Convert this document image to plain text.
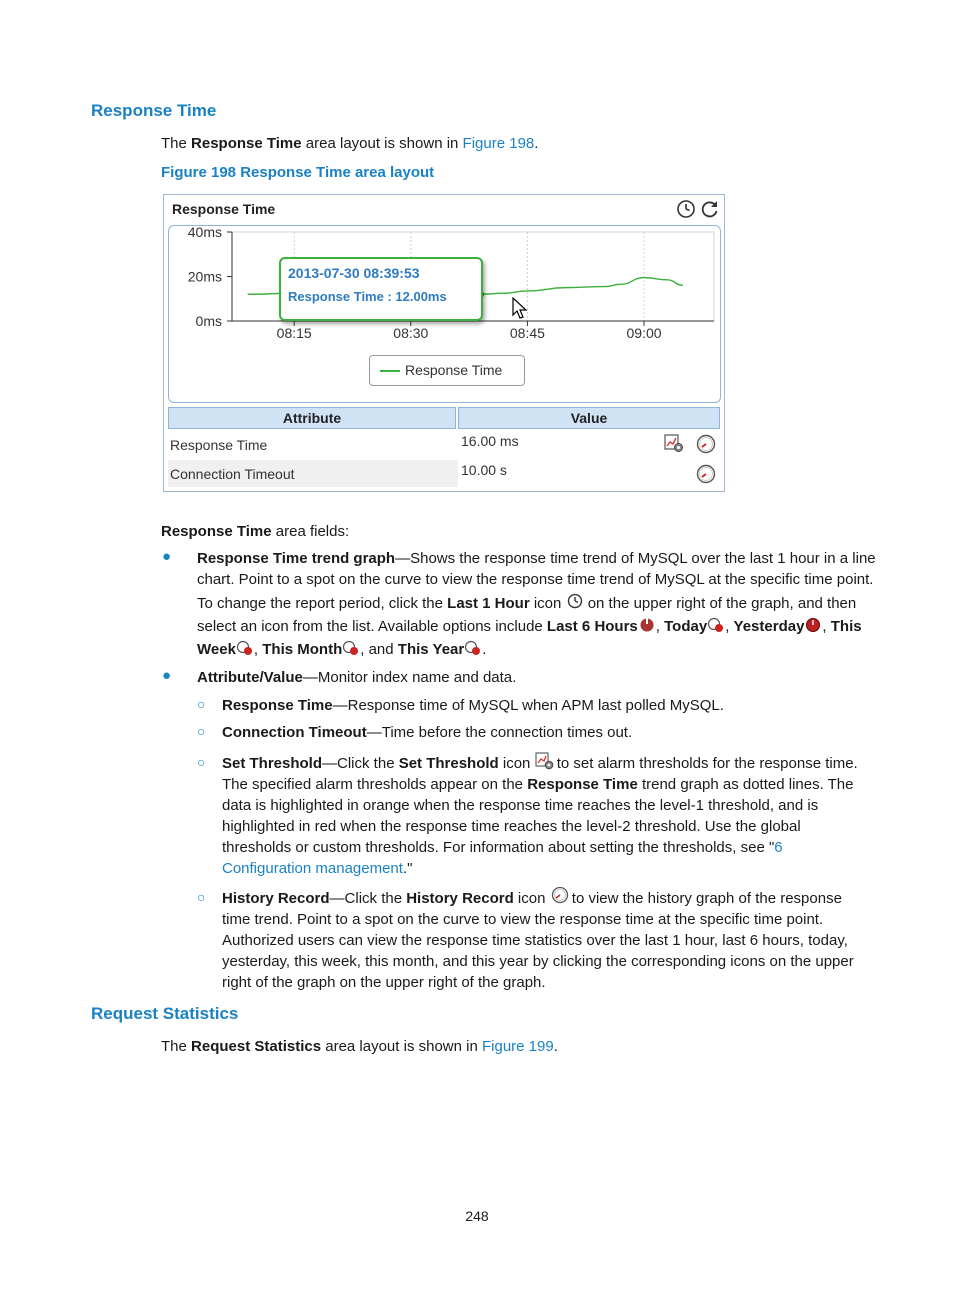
Response Time
The Response Time area layout is shown in Figure 198.
Figure 198 Response Time area layout
Response Time
0ms
20ms
40ms
08:15	08:30	08:45	09:00
2013-07-30 08:39:53
Response Time : 12.00ms
Response Time
Attribute	Value
Response Time	16.00 ms
Connection Timeout	10.00 s
Response Time area fields:
● Response Time trend graph—Shows the response time trend of MySQL over the last 1 hour in a line
chart. Point to a spot on the curve to view the response time trend of MySQL at the specific time point.
To change the report period, click the Last 1 Hour icon  on the upper right of the graph, and then
select an icon from the list. Available options include Last 6 Hours , Today , Yesterday , This
Week , This Month , and This Year .
● Attribute/Value—Monitor index name and data.
○ Response Time—Response time of MySQL when APM last polled MySQL.
○ Connection Timeout—Time before the connection times out.
○ Set Threshold—Click the Set Threshold icon  to set alarm thresholds for the response time.
The specified alarm thresholds appear on the Response Time trend graph as dotted lines. The
data is highlighted in orange when the response time reaches the level-1 threshold, and is
highlighted in red when the response time reaches the level-2 threshold. Use the global
thresholds or custom thresholds. For information about setting the thresholds, see "6
Configuration management."
○ History Record—Click the History Record icon  to view the history graph of the response
time trend. Point to a spot on the curve to view the response time at the specific time point.
Authorized users can view the response time statistics over the last 1 hour, last 6 hours, today,
yesterday, this week, this month, and this year by clicking the corresponding icons on the upper
right of the graph on the upper right of the graph.
Request Statistics
The Request Statistics area layout is shown in Figure 199.
248
